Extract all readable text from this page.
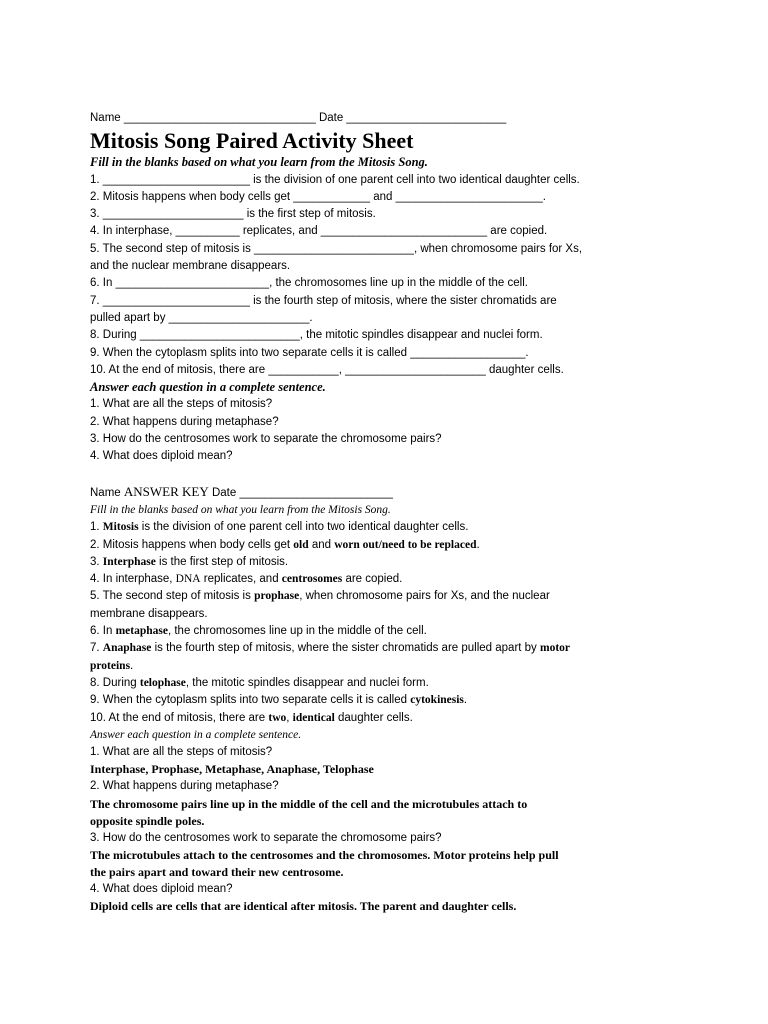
Name ______________________________ Date _________________________
Mitosis Song Paired Activity Sheet
Fill in the blanks based on what you learn from the Mitosis Song.
1. _______________________ is the division of one parent cell into two identical daughter cells.
2. Mitosis happens when body cells get ____________ and _______________________.
3. ______________________ is the first step of mitosis.
4. In interphase, __________ replicates, and __________________________ are copied.
5. The second step of mitosis is _________________________, when chromosome pairs for Xs,
and the nuclear membrane disappears.
6. In ________________________, the chromosomes line up in the middle of the cell.
7. _______________________ is the fourth step of mitosis, where the sister chromatids are
pulled apart by ______________________.
8. During _________________________, the mitotic spindles disappear and nuclei form.
9. When the cytoplasm splits into two separate cells it is called __________________.
10. At the end of mitosis, there are ___________, ______________________ daughter cells.
Answer each question in a complete sentence.
1. What are all the steps of mitosis?
2. What happens during metaphase?
3. How do the centrosomes work to separate the chromosome pairs?
4. What does diploid mean?
Name ANSWER KEY Date ________________________
Fill in the blanks based on what you learn from the Mitosis Song.
1. Mitosis is the division of one parent cell into two identical daughter cells.
2. Mitosis happens when body cells get old and worn out/need to be replaced.
3. Interphase is the first step of mitosis.
4. In interphase, DNA replicates, and centrosomes are copied.
5. The second step of mitosis is prophase, when chromosome pairs for Xs, and the nuclear
membrane disappears.
6. In metaphase, the chromosomes line up in the middle of the cell.
7. Anaphase is the fourth step of mitosis, where the sister chromatids are pulled apart by motor
proteins.
8. During telophase, the mitotic spindles disappear and nuclei form.
9. When the cytoplasm splits into two separate cells it is called cytokinesis.
10. At the end of mitosis, there are two, identical daughter cells.
Answer each question in a complete sentence.
1. What are all the steps of mitosis?
Interphase, Prophase, Metaphase, Anaphase, Telophase
2. What happens during metaphase?
The chromosome pairs line up in the middle of the cell and the microtubules attach to
opposite spindle poles.
3. How do the centrosomes work to separate the chromosome pairs?
The microtubules attach to the centrosomes and the chromosomes. Motor proteins help pull
the pairs apart and toward their new centrosome.
4. What does diploid mean?
Diploid cells are cells that are identical after mitosis. The parent and daughter cells.
